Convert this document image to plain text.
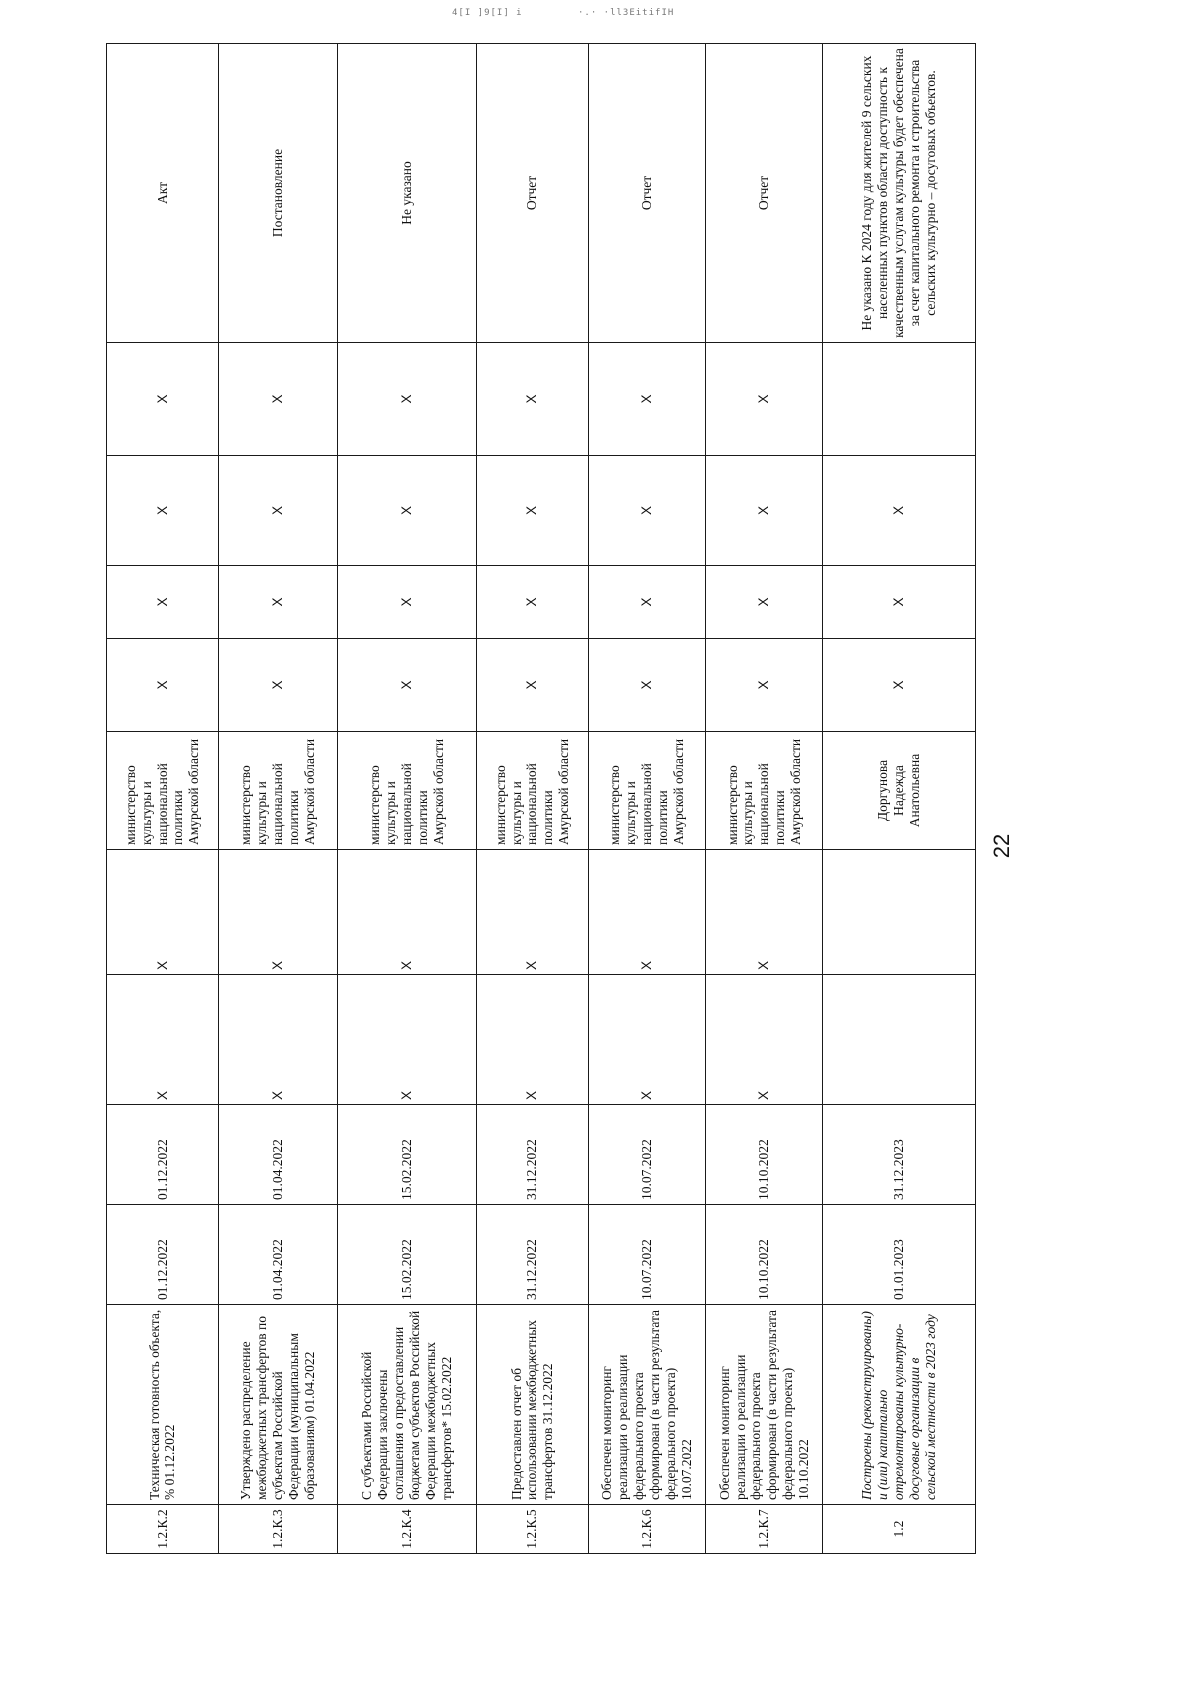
4[I ]9[I] i	·.· ·ll3EitifIH
1.2.К.2	Техническая готовность объекта, % 01.12.2022	01.12.2022	01.12.2022	X	X	министерство культуры и национальной политики Амурской области	X	X	X	X	Акт
1.2.К.3	Утверждено распределение межбюджетных трансфертов по субъектам Российской Федерации (муниципальным образованиям) 01.04.2022	01.04.2022	01.04.2022	X	X	министерство культуры и национальной политики Амурской области	X	X	X	X	Постановление
1.2.К.4	С субъектами Российской Федерации заключены соглашения о предоставлении бюджетам субъектов Российской Федерации межбюджетных трансфертов* 15.02.2022	15.02.2022	15.02.2022	X	X	министерство культуры и национальной политики Амурской области	X	X	X	X	Не указано
1.2.К.5	Предоставлен отчет об использовании межбюджетных трансфертов 31.12.2022	31.12.2022	31.12.2022	X	X	министерство культуры и национальной политики Амурской области	X	X	X	X	Отчет
1.2.К.6	Обеспечен мониторинг реализации о реализации федерального проекта сформирован (в части результата федерального проекта) 10.07.2022	10.07.2022	10.07.2022	X	X	министерство культуры и национальной политики Амурской области	X	X	X	X	Отчет
1.2.К.7	Обеспечен мониторинг реализации о реализации федерального проекта сформирован (в части результата федерального проекта) 10.10.2022	10.10.2022	10.10.2022	X	X	министерство культуры и национальной политики Амурской области	X	X	X	X	Отчет
1.2	Построены (реконструированы) и (или) капитально отремонтированы культурно-досуговые организации в сельской местности в 2023 году	01.01.2023	31.12.2023			Доргунова Надежда Анатольевна	X	X	X		Не указано К 2024 году для жителей 9 сельских населенных пунктов области доступность к качественным услугам культуры будет обеспечена за счет капитального ремонта и строительства сельских культурно – досуговых объектов.
22
